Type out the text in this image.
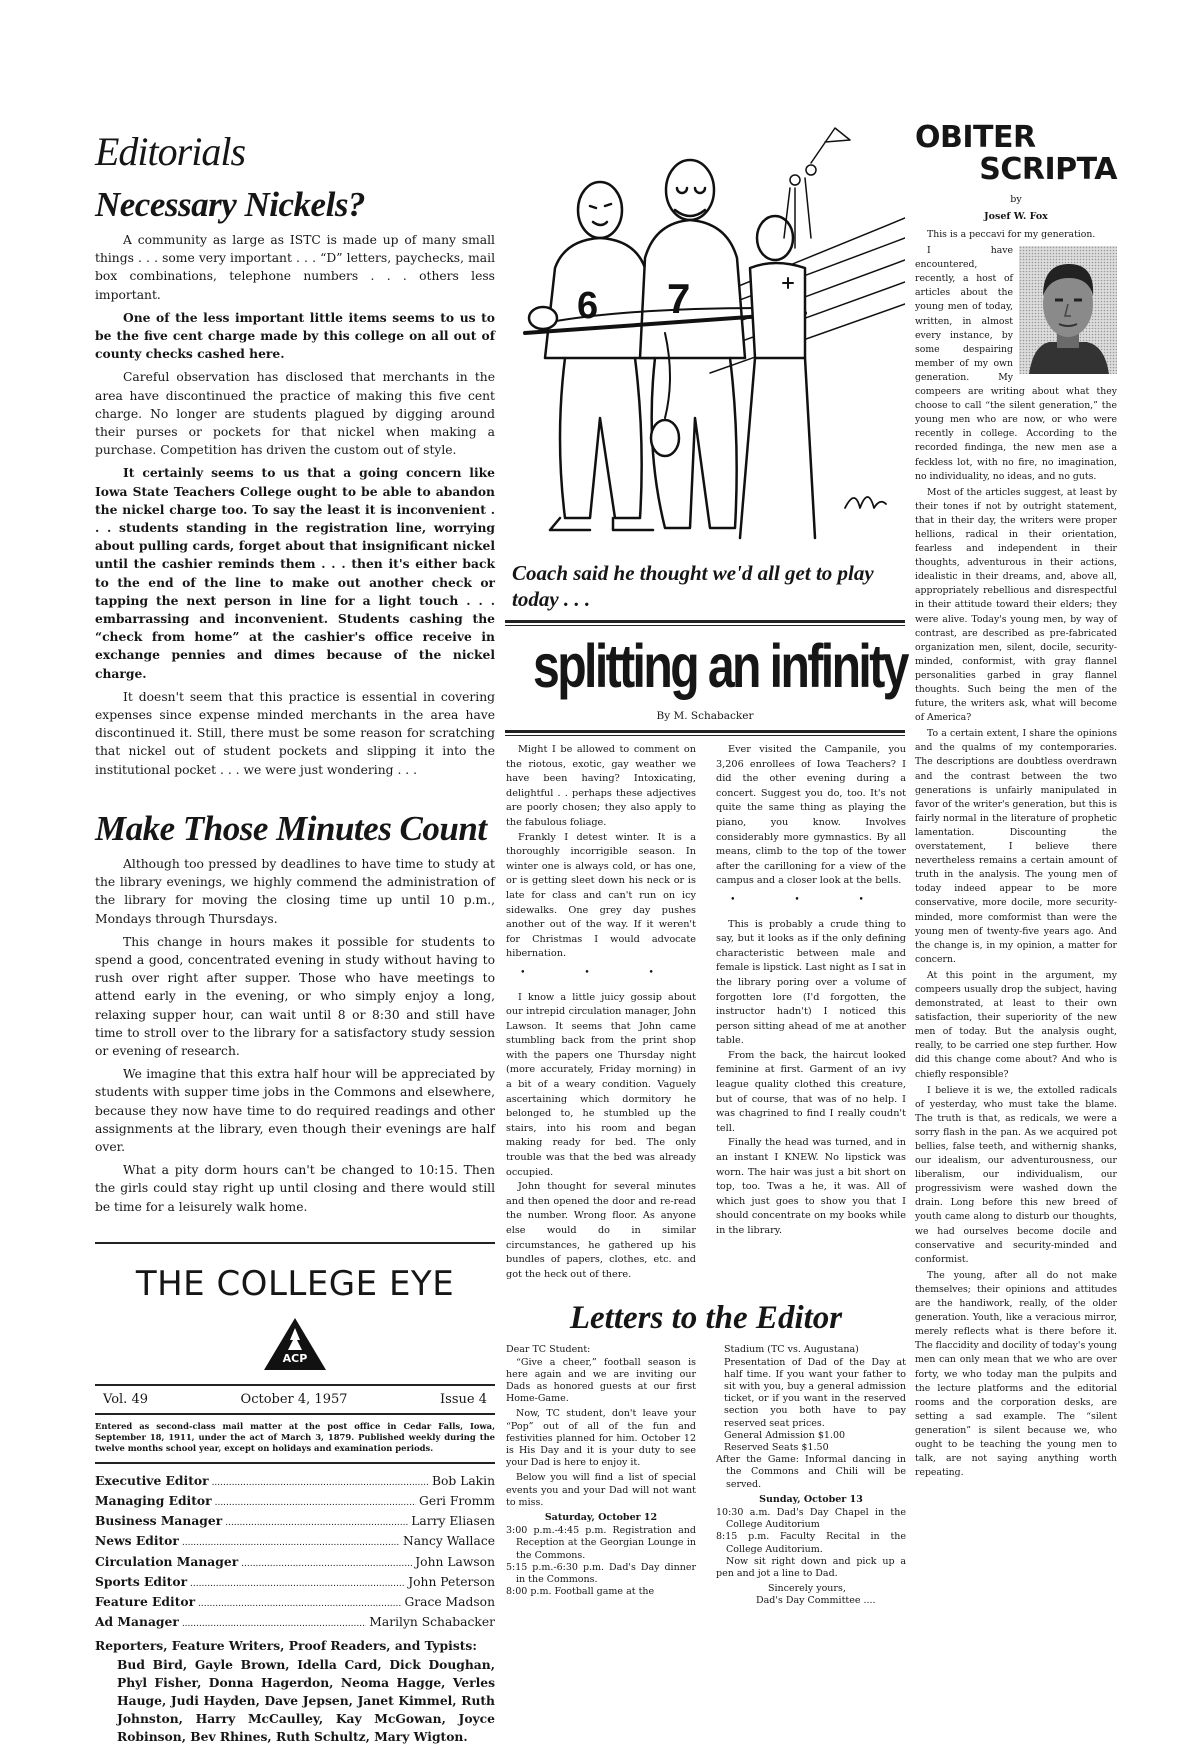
Editorials
Necessary Nickels?

A community as large as ISTC is made up of many small things . . . some very important . . . “D” letters, paychecks, mail box combinations, telephone numbers . . . others less important.

One of the less important little items seems to us to be the five cent charge made by this college on all out of county checks cashed here.

Careful observation has disclosed that merchants in the area have discontinued the practice of making this five cent charge. No longer are students plagued by digging around their purses or pockets for that nickel when making a purchase. Competition has driven the custom out of style.

It certainly seems to us that a going concern like Iowa State Teachers College ought to be able to abandon the nickel charge too. To say the least it is inconvenient . . . students standing in the registration line, worrying about pulling cards, forget about that insignificant nickel until the cashier reminds them . . . then it's either back to the end of the line to make out another check or tapping the next person in line for a light touch . . . embarrassing and inconvenient. Students cashing the “check from home” at the cashier's office receive in exchange pennies and dimes because of the nickel charge.

It doesn't seem that this practice is essential in covering expenses since expense minded merchants in the area have discontinued it. Still, there must be some reason for scratching that nickel out of student pockets and slipping it into the institutional pocket . . . we were just wondering . . .

Make Those Minutes Count

Although too pressed by deadlines to have time to study at the library evenings, we highly commend the administration of the library for moving the closing time up until 10 p.m., Mondays through Thursdays.

This change in hours makes it possible for students to spend a good, concentrated evening in study without having to rush over right after supper. Those who have meetings to attend early in the evening, or who simply enjoy a long, relaxing supper hour, can wait until 8 or 8:30 and still have time to stroll over to the library for a satisfactory study session or evening of research.

We imagine that this extra half hour will be appreciated by students with supper time jobs in the Commons and elsewhere, because they now have time to do required readings and other assignments at the library, even though their evenings are half over.

What a pity dorm hours can't be changed to 10:15. Then the girls could stay right up until closing and there would still be time for a leisurely walk home.

THE COLLEGE EYE
ACP
Vol. 49	October 4, 1957	Issue 4
Entered as second-class mail matter at the post office in Cedar Falls, Iowa, September 18, 1911, under the act of March 3, 1879. Published weekly during the twelve months school year, except on holidays and examination periods.
Executive Editor .....	Bob Lakin
Managing Editor .....	Geri Fromm
Business Manager .....	Larry Eliasen
News Editor .....	Nancy Wallace
Circulation Manager .....	John Lawson
Sports Editor .....	John Peterson
Feature Editor .....	Grace Madson
Ad Manager .....	Marilyn Schabacker
Reporters, Feature Writers, Proof Readers, and Typists:
Bud Bird, Gayle Brown, Idella Card, Dick Doughan, Phyl Fisher, Donna Hagerdon, Neoma Hagge, Verles Hauge, Judi Hayden, Dave Jepsen, Janet Kimmel, Ruth Johnston, Harry McCaulley, Kay McGowan, Joyce Robinson, Bev Rhines, Ruth Schultz, Mary Wigton.
6 7
Coach said he thought we'd all get to play today . . .
splitting an infinity
By M. Schabacker

Might I be allowed to comment on the riotous, exotic, gay weather we have been having? Intoxicating, delightful . . perhaps these adjectives are poorly chosen; they also apply to the fabulous foliage.

Frankly I detest winter. It is a thoroughly incorrigible season. In winter one is always cold, or has one, or is getting sleet down his neck or is late for class and can't run on icy sidewalks. One grey day pushes another out of the way. If it weren't for Christmas I would advocate hibernation.

• • •

I know a little juicy gossip about our intrepid circulation manager, John Lawson. It seems that John came stumbling back from the print shop with the papers one Thursday night (more accurately, Friday morning) in a bit of a weary condition. Vaguely ascertaining which dormitory he belonged to, he stumbled up the stairs, into his room and began making ready for bed. The only trouble was that the bed was already occupied.

John thought for several minutes and then opened the door and re-read the number. Wrong floor. As anyone else would do in similar circumstances, he gathered up his bundles of papers, clothes, etc. and got the heck out of there.

Ever visited the Campanile, you 3,206 enrollees of Iowa Teachers? I did the other evening during a concert. Suggest you do, too. It's not quite the same thing as playing the piano, you know. Involves considerably more gymnastics. By all means, climb to the top of the tower after the carilloning for a view of the campus and a closer look at the bells.

• • •

This is probably a crude thing to say, but it looks as if the only defining characteristic between male and female is lipstick. Last night as I sat in the library poring over a volume of forgotten lore (I'd forgotten, the instructor hadn't) I noticed this person sitting ahead of me at another table.

From the back, the haircut looked feminine at first. Garment of an ivy league quality clothed this creature, but of course, that was of no help. I was chagrined to find I really coudn't tell.

Finally the head was turned, and in an instant I KNEW. No lipstick was worn. The hair was just a bit short on top, too. Twas a he, it was. All of which just goes to show you that I should concentrate on my books while in the library.

Letters to the Editor

Dear TC Student:

“Give a cheer,” football season is here again and we are inviting our Dads as honored guests at our first Home-Game.

Now, TC student, don't leave your “Pop” out of all of the fun and festivities planned for him. October 12 is His Day and it is your duty to see your Dad is here to enjoy it.

Below you will find a list of special events you and your Dad will not want to miss.

Saturday, October 12

3:00 p.m.-4:45 p.m. Registration and Reception at the Georgian Lounge in the Commons.

5:15 p.m.-6:30 p.m. Dad's Day dinner in the Commons.

8:00 p.m. Football game at the

Stadium (TC vs. Augustana)

Presentation of Dad of the Day at half time. If you want your father to sit with you, buy a general admission ticket, or if you want in the reserved section you both have to pay reserved seat prices.

General Admission $1.00

Reserved Seats $1.50

After the Game: Informal dancing in the Commons and Chili will be served.

Sunday, October 13

10:30 a.m. Dad's Day Chapel in the College Auditorium

8:15 p.m. Faculty Recital in the College Auditorium.

Now sit right down and pick up a pen and jot a line to Dad.

Sincerely yours,

Dad's Day Committee ....

OBITER
SCRIPTA
by
Josef W. Fox

This is a peccavi for my generation.

I have encountered, recently, a host of articles about the young men of today, written, in almost every instance, by some despairing member of my own generation. My compeers are writing about what they choose to call “the silent generation,” the young men who are now, or who were recently in college. According to the recorded findinga, the new men ase a feckless lot, with no fire, no imagination, no individuality, no ideas, and no guts.

Most of the articles suggest, at least by their tones if not by outright statement, that in their day, the writers were proper hellions, radical in their orientation, fearless and independent in their thoughts, adventurous in their actions, idealistic in their dreams, and, above all, appropriately rebellious and disrespectful in their attitude toward their elders; they were alive. Today's young men, by way of contrast, are described as pre-fabricated organization men, silent, docile, security-minded, conformist, with gray flannel personalities garbed in gray flannel thoughts. Such being the men of the future, the writers ask, what will become of America?

To a certain extent, I share the opinions and the qualms of my contemporaries. The descriptions are doubtless overdrawn and the contrast between the two generations is unfairly manipulated in favor of the writer's generation, but this is fairly normal in the literature of prophetic lamentation. Discounting the overstatement, I believe there nevertheless remains a certain amount of truth in the analysis. The young men of today indeed appear to be more conservative, more docile, more security-minded, more comformist than were the young men of twenty-five years ago. And the change is, in my opinion, a matter for concern.

At this point in the argument, my compeers usually drop the subject, having demonstrated, at least to their own satisfaction, their superiority of the new men of today. But the analysis ought, really, to be carried one step further. How did this change come about? And who is chiefly responsible?

I believe it is we, the extolled radicals of yesterday, who must take the blame. The truth is that, as redicals, we were a sorry flash in the pan. As we acquired pot bellies, false teeth, and withernig shanks, our idealism, our adventurousness, our liberalism, our individualism, our progressivism were washed down the drain. Long before this new breed of youth came along to disturb our thoughts, we had ourselves become docile and conservative and security-minded and conformist.

The young, after all do not make themselves; their opinions and attitudes are the handiwork, really, of the older generation. Youth, like a veracious mirror, merely reflects what is there before it. The flaccidity and docility of today's young men can only mean that we who are over forty, we who today man the pulpits and the lecture platforms and the editorial rooms and the corporation desks, are setting a sad example. The “silent generation” is silent because we, who ought to be teaching the young men to talk, are not saying anything worth repeating.
